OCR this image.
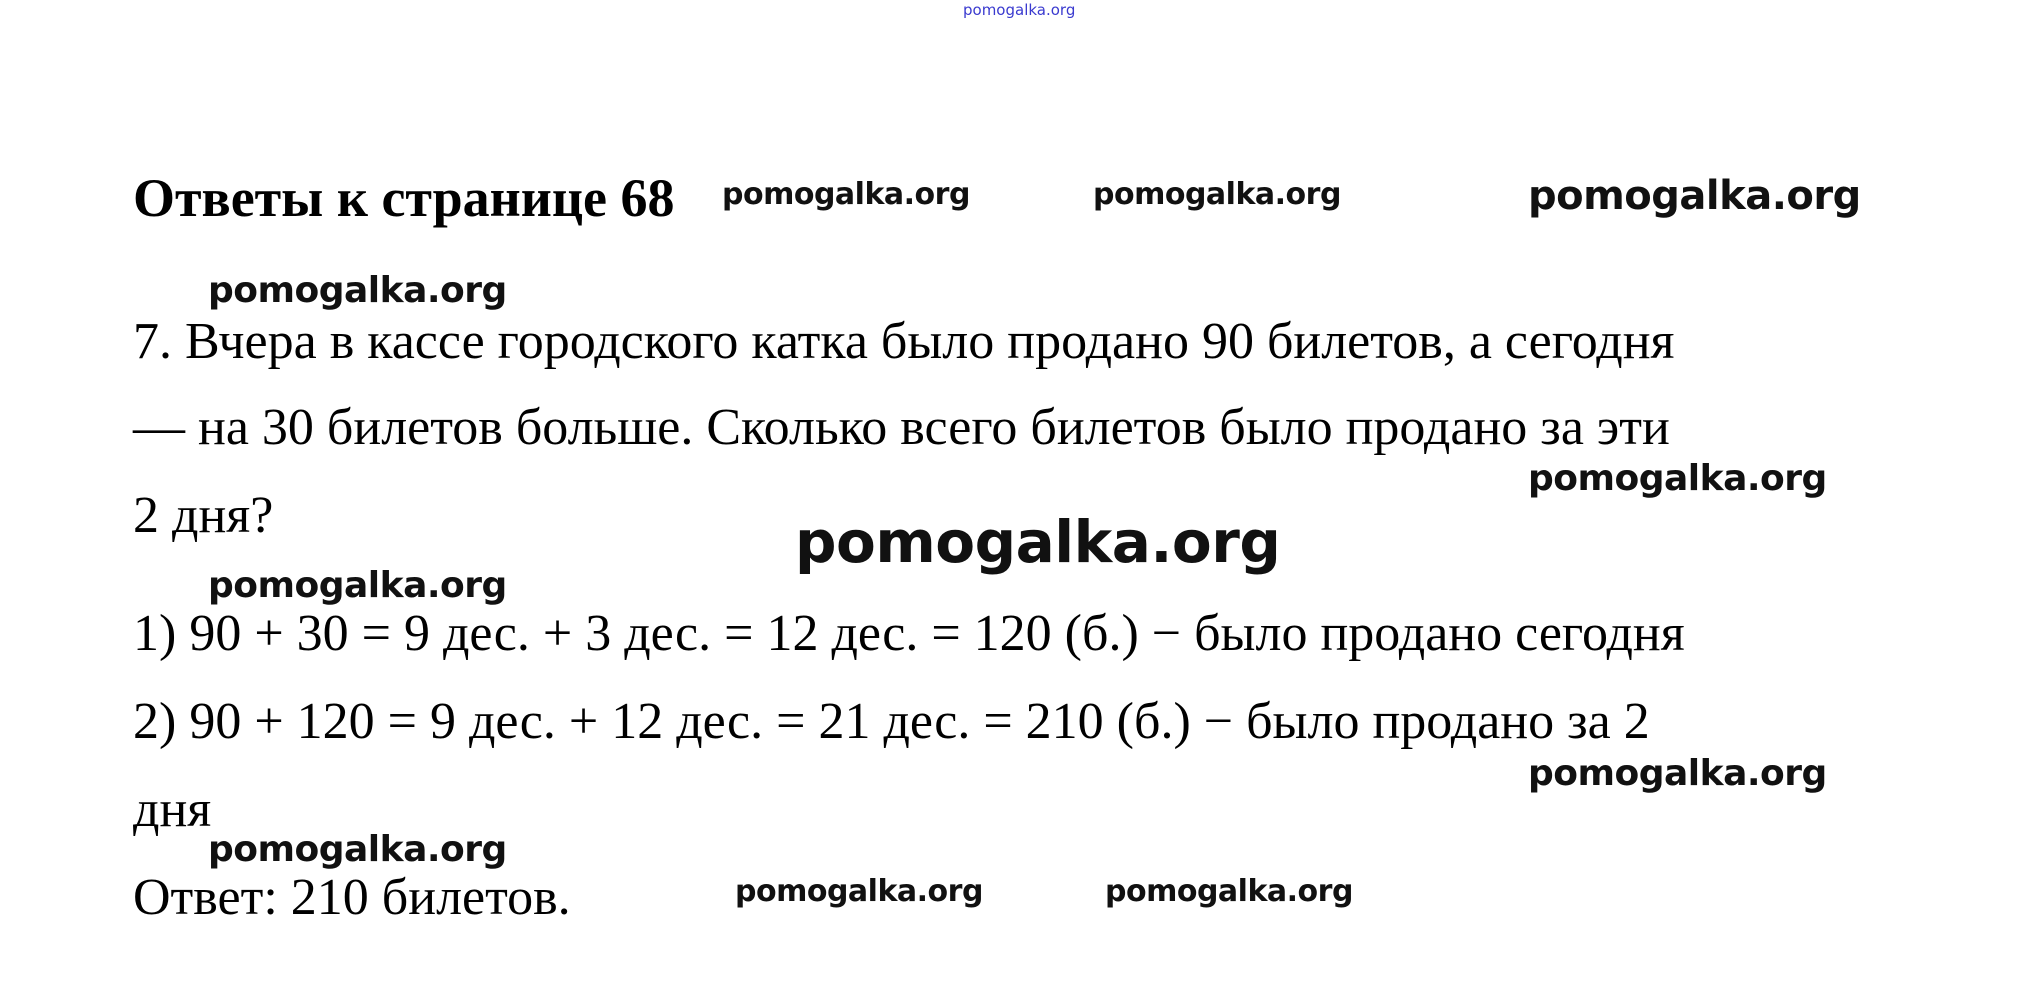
pomogalka.org
Ответы к странице 68
7. Вчера в кассе городского катка было продано 90 билетов, а сегодня
— на 30 билетов больше. Сколько всего билетов было продано за эти
2 дня?
1) 90 + 30 = 9 дес. + 3 дес. = 12 дес. = 120 (б.) − было продано сегодня
2) 90 + 120 = 9 дес. + 12 дес. = 21 дес. = 210 (б.) − было продано за 2
дня
Ответ: 210 билетов.
pomogalka.org	pomogalka.org	pomogalka.org
pomogalka.org
pomogalka.org
pomogalka.org
pomogalka.org
pomogalka.org
pomogalka.org
pomogalka.org	pomogalka.org
